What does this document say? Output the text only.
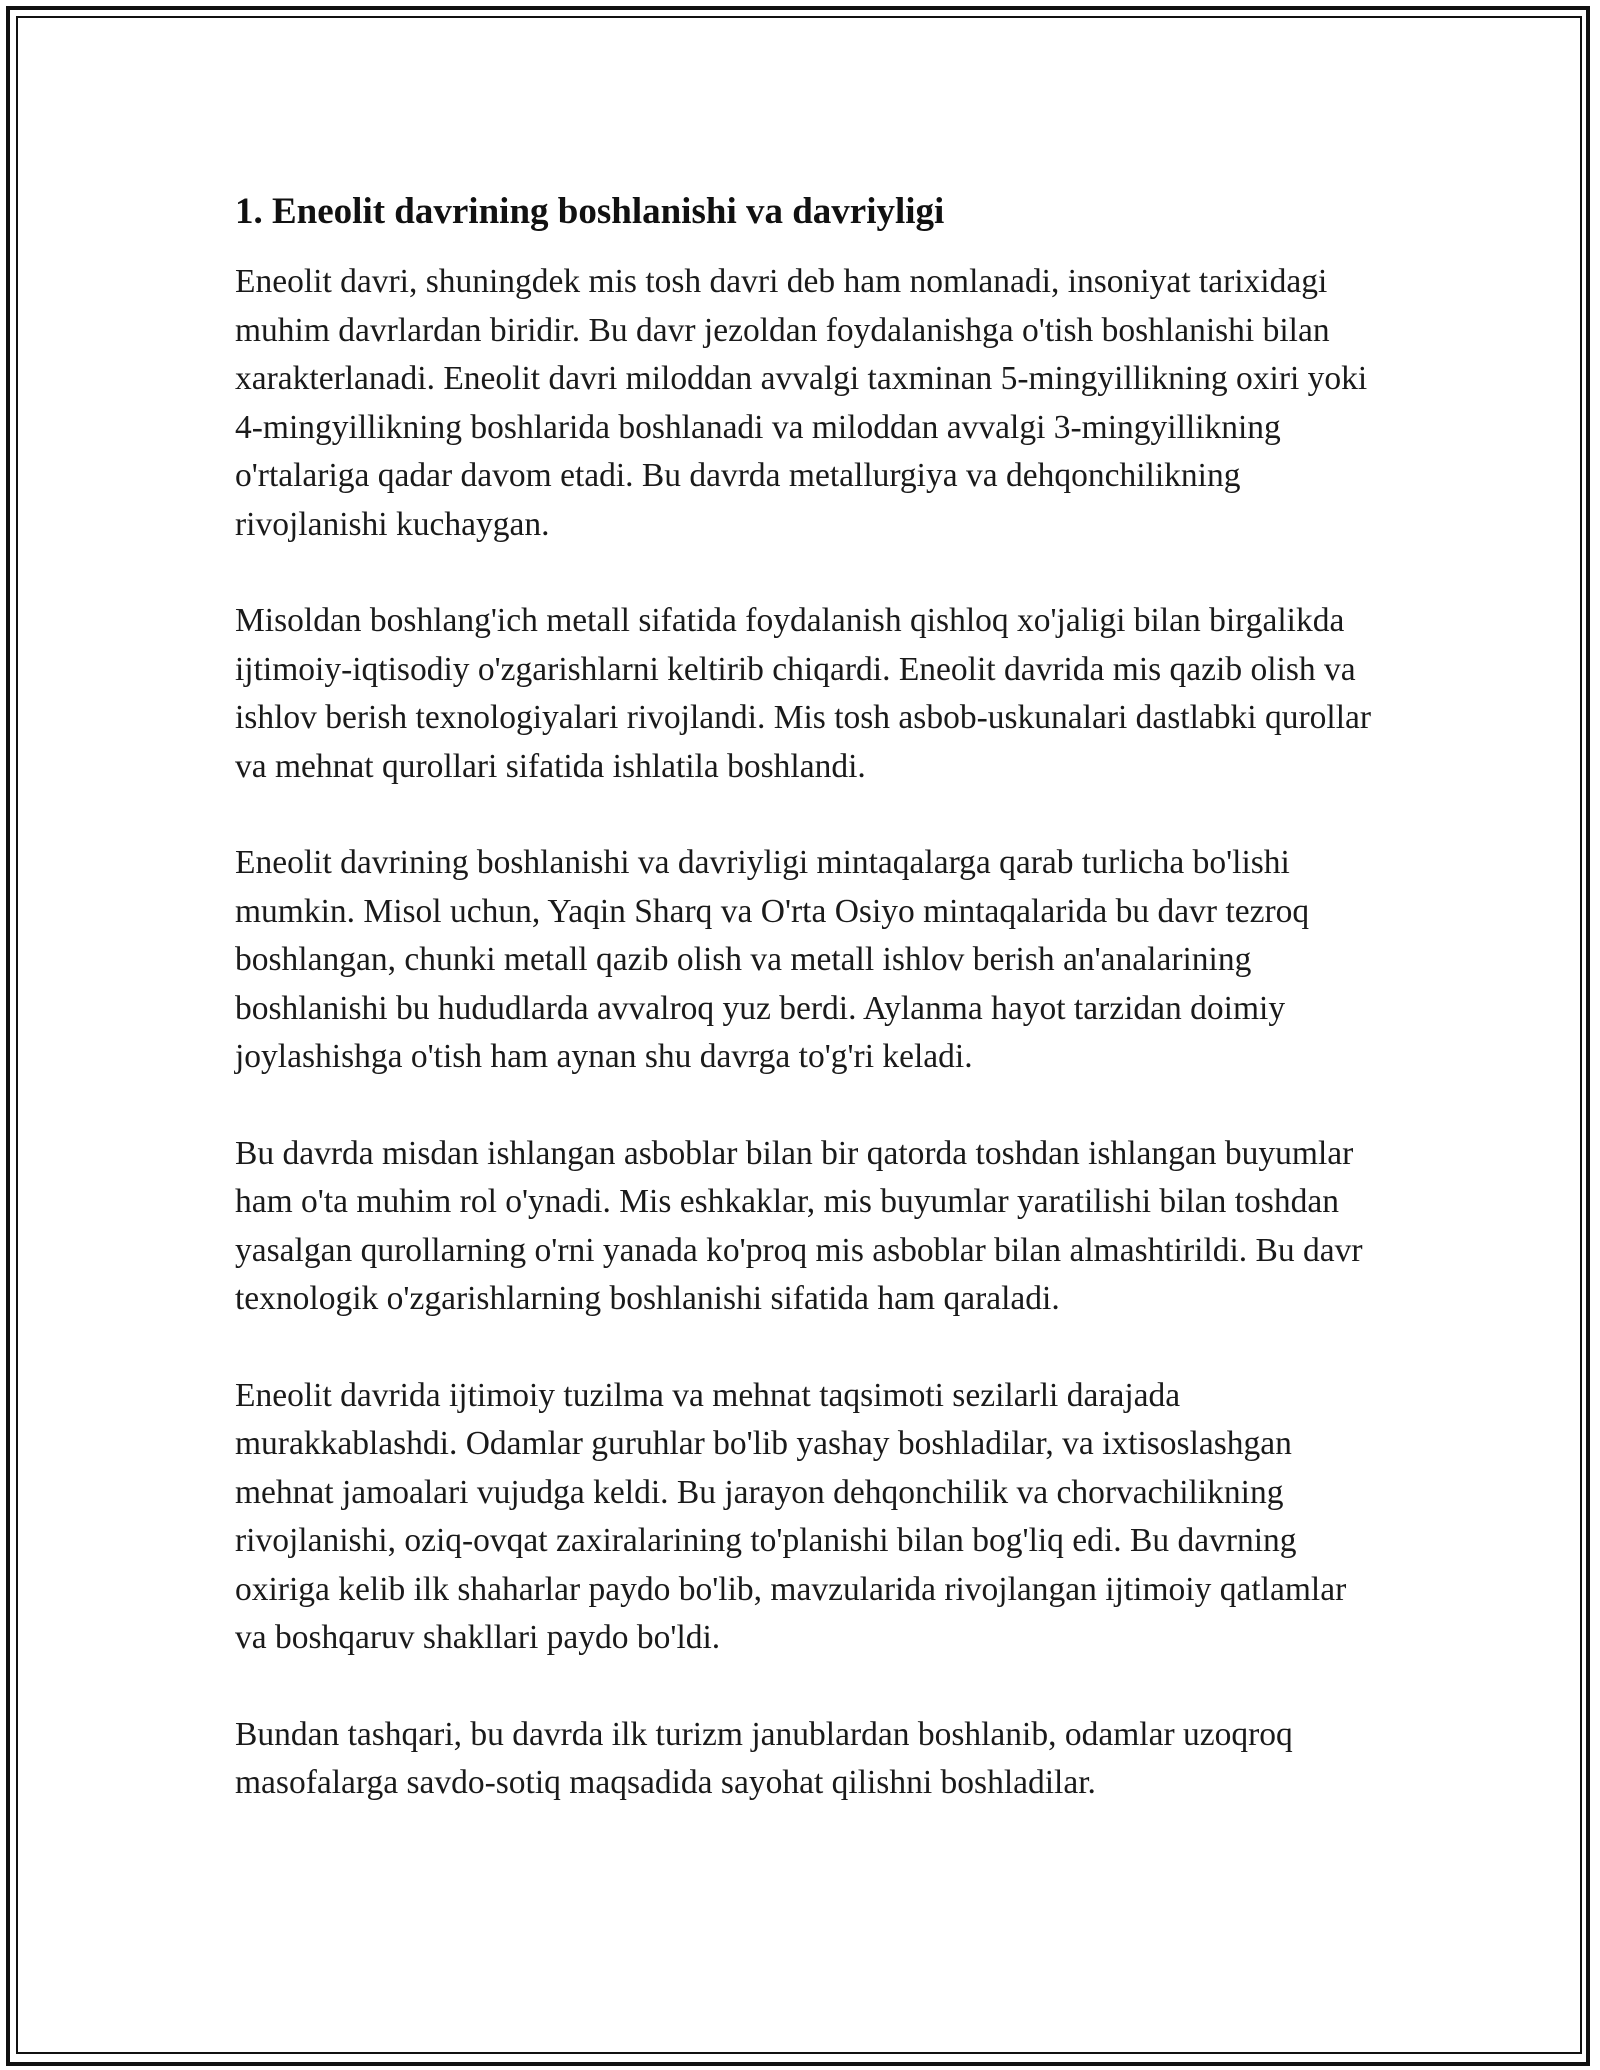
1. Eneolit davrining boshlanishi va davriyligi

Eneolit davri, shuningdek mis tosh davri deb ham nomlanadi, insoniyat tarixidagi muhim davrlardan biridir. Bu davr jezoldan foydalanishga o'tish boshlanishi bilan xarakterlanadi. Eneolit davri miloddan avvalgi taxminan 5-mingyillikning oxiri yoki 4-mingyillikning boshlarida boshlanadi va miloddan avvalgi 3-mingyillikning o'rtalariga qadar davom etadi. Bu davrda metallurgiya va dehqonchilikning rivojlanishi kuchaygan.

Misoldan boshlang'ich metall sifatida foydalanish qishloq xo'jaligi bilan birgalikda ijtimoiy-iqtisodiy o'zgarishlarni keltirib chiqardi. Eneolit davrida mis qazib olish va ishlov berish texnologiyalari rivojlandi. Mis tosh asbob-uskunalari dastlabki qurollar va mehnat qurollari sifatida ishlatila boshlandi.

Eneolit davrining boshlanishi va davriyligi mintaqalarga qarab turlicha bo'lishi mumkin. Misol uchun, Yaqin Sharq va O'rta Osiyo mintaqalarida bu davr tezroq boshlangan, chunki metall qazib olish va metall ishlov berish an'analarining boshlanishi bu hududlarda avvalroq yuz berdi. Aylanma hayot tarzidan doimiy joylashishga o'tish ham aynan shu davrga to'g'ri keladi.

Bu davrda misdan ishlangan asboblar bilan bir qatorda toshdan ishlangan buyumlar ham o'ta muhim rol o'ynadi. Mis eshkaklar, mis buyumlar yaratilishi bilan toshdan yasalgan qurollarning o'rni yanada ko'proq mis asboblar bilan almashtirildi. Bu davr texnologik o'zgarishlarning boshlanishi sifatida ham qaraladi.

Eneolit davrida ijtimoiy tuzilma va mehnat taqsimoti sezilarli darajada murakkablashdi. Odamlar guruhlar bo'lib yashay boshladilar, va ixtisoslashgan mehnat jamoalari vujudga keldi. Bu jarayon dehqonchilik va chorvachilikning rivojlanishi, oziq-ovqat zaxiralarining to'planishi bilan bog'liq edi. Bu davrning oxiriga kelib ilk shaharlar paydo bo'lib, mavzularida rivojlangan ijtimoiy qatlamlar va boshqaruv shakllari paydo bo'ldi.

Bundan tashqari, bu davrda ilk turizm janublardan boshlanib, odamlar uzoqroq masofalarga savdo-sotiq maqsadida sayohat qilishni boshladilar.
